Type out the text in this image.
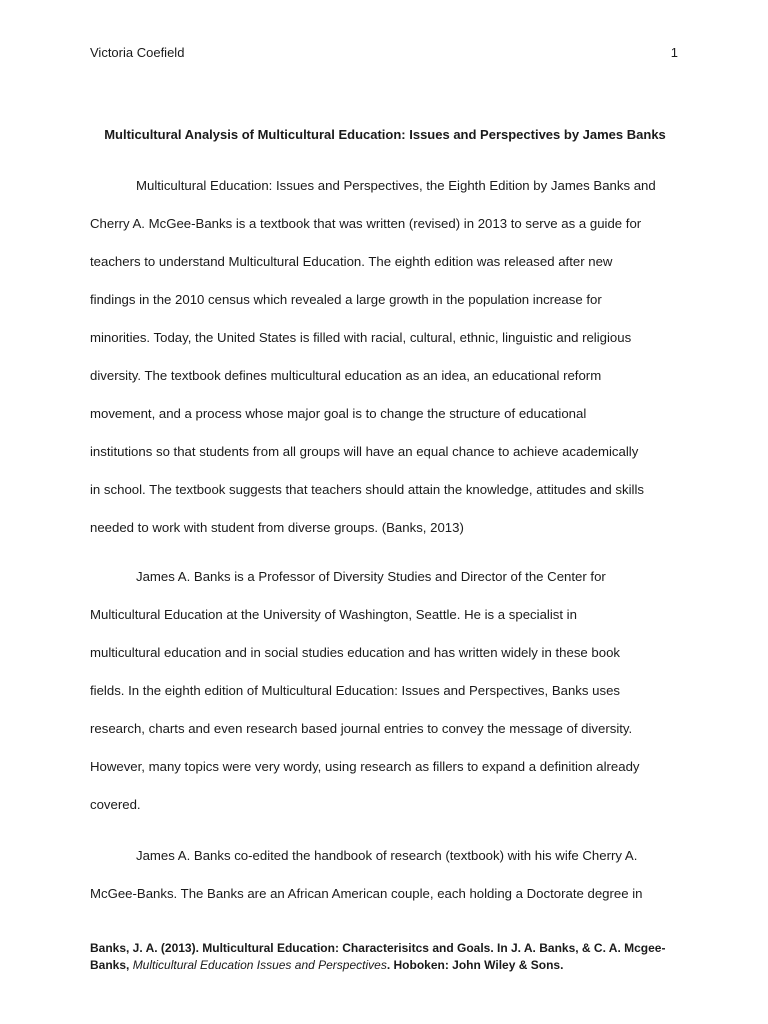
Victoria Coefield	1
Multicultural Analysis of Multicultural Education: Issues and Perspectives by James Banks
Multicultural Education: Issues and Perspectives, the Eighth Edition by James Banks and
Cherry A. McGee-Banks is a textbook that was written (revised) in 2013 to serve as a guide for
teachers to understand Multicultural Education. The eighth edition was released after new
findings in the 2010 census which revealed a large growth in the population increase for
minorities. Today, the United States is filled with racial, cultural, ethnic, linguistic and religious
diversity. The textbook defines multicultural education as an idea, an educational reform
movement, and a process whose major goal is to change the structure of educational
institutions so that students from all groups will have an equal chance to achieve academically
in school. The textbook suggests that teachers should attain the knowledge, attitudes and skills
needed to work with student from diverse groups. (Banks, 2013)
James A. Banks is a Professor of Diversity Studies and Director of the Center for
Multicultural Education at the University of Washington, Seattle. He is a specialist in
multicultural education and in social studies education and has written widely in these book
fields. In the eighth edition of Multicultural Education: Issues and Perspectives, Banks uses
research, charts and even research based journal entries to convey the message of diversity.
However, many topics were very wordy, using research as fillers to expand a definition already
covered.
James A. Banks co-edited the handbook of research (textbook) with his wife Cherry A.
McGee-Banks. The Banks are an African American couple, each holding a Doctorate degree in
Banks, J. A. (2013). Multicultural Education: Characterisitcs and Goals. In J. A. Banks, & C. A. Mcgee-
Banks, Multicultural Education Issues and Perspectives. Hoboken: John Wiley & Sons.
